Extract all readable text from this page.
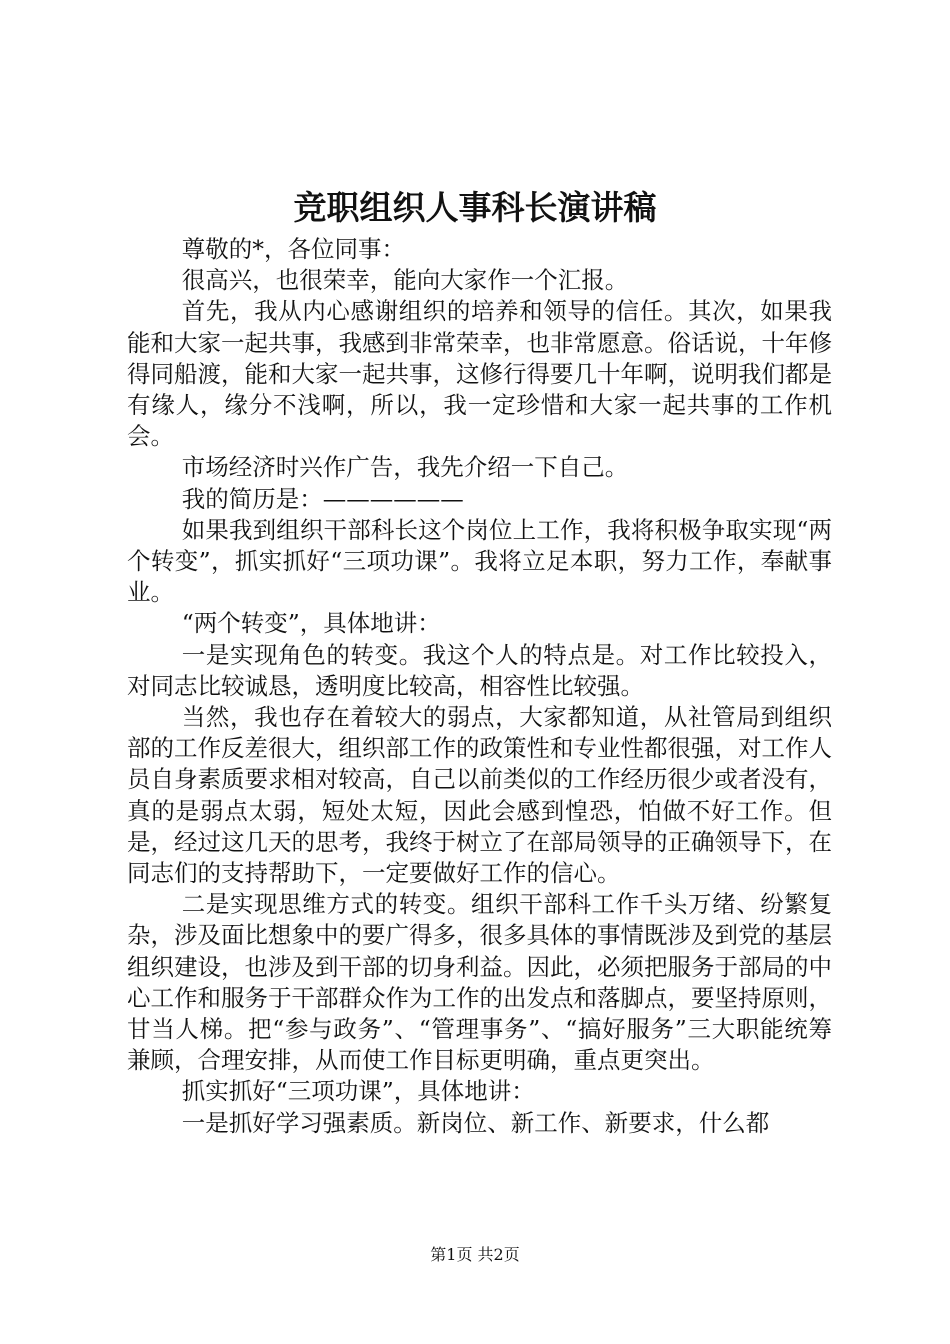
竞职组织人事科长演讲稿

尊敬的*，各位同事：

很高兴，也很荣幸，能向大家作一个汇报。

首先，我从内心感谢组织的培养和领导的信任。其次，如果我能和大家一起共事，我感到非常荣幸，也非常愿意。俗话说，十年修得同船渡，能和大家一起共事，这修行得要几十年啊，说明我们都是有缘人，缘分不浅啊，所以，我一定珍惜和大家一起共事的工作机会。

市场经济时兴作广告，我先介绍一下自己。

我的简历是：——————

如果我到组织干部科长这个岗位上工作，我将积极争取实现“两个转变”，抓实抓好“三项功课”。我将立足本职，努力工作，奉献事业。

“两个转变”，具体地讲：

一是实现角色的转变。我这个人的特点是。对工作比较投入，对同志比较诚恳，透明度比较高，相容性比较强。

当然，我也存在着较大的弱点，大家都知道，从社管局到组织部的工作反差很大，组织部工作的政策性和专业性都很强，对工作人员自身素质要求相对较高，自己以前类似的工作经历很少或者没有，真的是弱点太弱，短处太短，因此会感到惶恐，怕做不好工作。但是，经过这几天的思考，我终于树立了在部局领导的正确领导下，在同志们的支持帮助下，一定要做好工作的信心。

二是实现思维方式的转变。组织干部科工作千头万绪、纷繁复杂，涉及面比想象中的要广得多，很多具体的事情既涉及到党的基层组织建设，也涉及到干部的切身利益。因此，必须把服务于部局的中心工作和服务于干部群众作为工作的出发点和落脚点，要坚持原则，甘当人梯。把“参与政务”、“管理事务”、“搞好服务”三大职能统筹兼顾，合理安排，从而使工作目标更明确，重点更突出。

抓实抓好“三项功课”，具体地讲：

一是抓好学习强素质。新岗位、新工作、新要求，什么都

第1页 共2页
